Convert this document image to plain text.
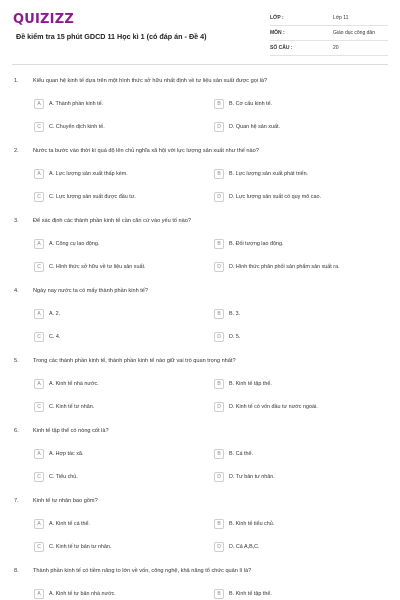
QUIZIZZ
Đề kiểm tra 15 phút GDCD 11 Học kì 1 (có đáp án - Đề 4)
LỚP :	Lớp 11
MÔN :	Giáo dục công dân
SỐ CÂU :	20
1.	Kiểu quan hệ kinh tế dựa trên một hình thức sở hữu nhất định về tư liệu sản xuất được gọi là?
A	A. Thành phần kinh tế.	B	B. Cơ cấu kinh tế.
C	C. Chuyển dịch kinh tế.	D	D. Quan hệ sản xuất.
2.	Nước ta bước vào thời kì quá độ lên chủ nghĩa xã hội với lực lượng sản xuất như thế nào?
A	A. Lực lượng sản xuất thấp kém.	B	B. Lực lượng sản xuất phát triển.
C	C. Lực lượng sản xuất được đầu tư.	D	D. Lực lượng sản xuất có quy mô cao.
3.	Để xác định các thành phần kinh tế cần căn cứ vào yếu tố nào?
A	A. Công cụ lao động.	B	B. Đối tượng lao động.
C	C. Hình thức sở hữu về tư liệu sản xuất.	D	D. Hình thức phân phối sản phẩm sản xuất ra.
4.	Ngày nay nước ta có mấy thành phần kinh tế?
A	A. 2.	B	B. 3.
C	C. 4.	D	D. 5.
5.	Trong các thành phần kinh tế, thành phần kinh tế nào giữ vai trò quan trọng nhất?
A	A. Kinh tế nhà nước.	B	B. Kinh tế tập thể.
C	C. Kinh tế tư nhân.	D	D. Kinh tế có vốn đầu tư nước ngoài.
6.	Kinh tế tập thể có nòng cốt là?
A	A. Hợp tác xã.	B	B. Cá thể.
C	C. Tiểu chủ.	D	D. Tư bản tư nhân.
7.	Kinh tế tư nhân bao gồm?
A	A. Kinh tế cá thể.	B	B. Kinh tế tiểu chủ.
C	C. Kinh tế tư bản tư nhân.	D	D. Cả A,B,C.
8.	Thành phần kinh tế có tiềm năng to lớn về vốn, công nghệ, khả năng tổ chức quản lí là?
A	A. Kinh tế tư bản nhà nước.	B	B. Kinh tế tập thể.
